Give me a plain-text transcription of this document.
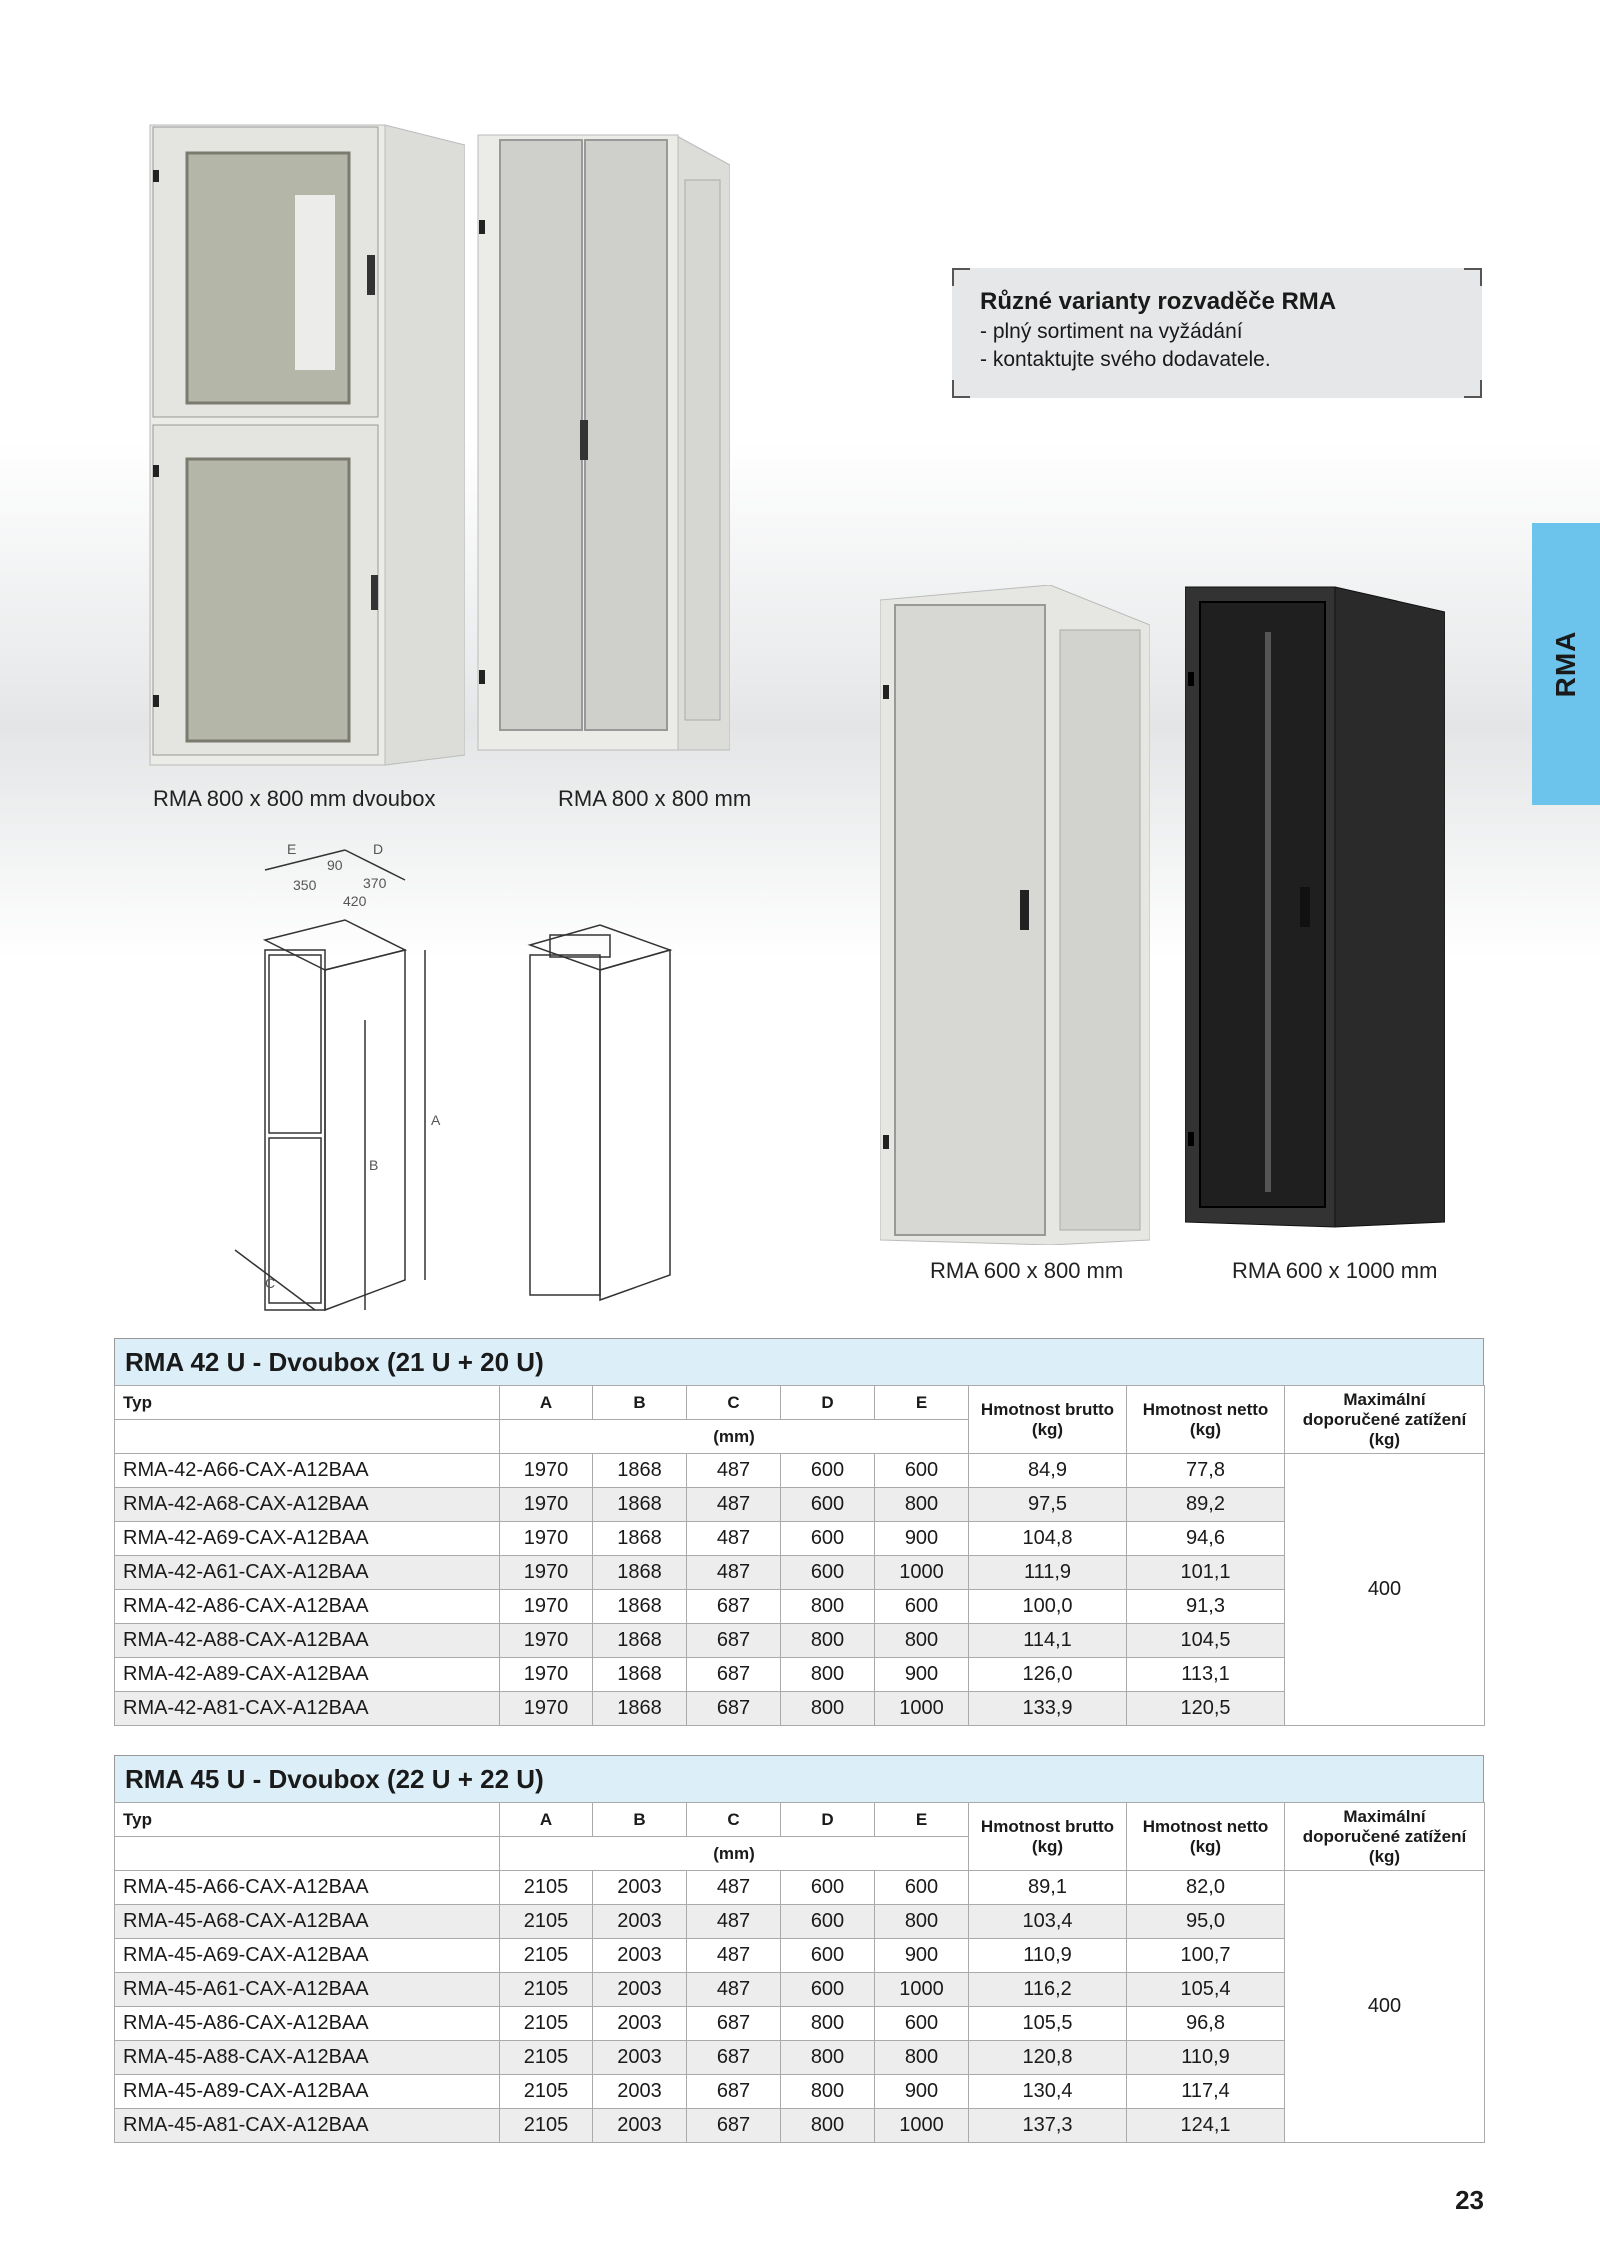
E	D
90
350	370
420
A
B
C
RMA 800 x 800 mm dvoubox	RMA 800 x 800 mm
RMA 600 x 800 mm	RMA 600 x 1000 mm
Různé varianty rozvaděče RMA
- plný sortiment na vyžádání
- kontaktujte svého dodavatele.
RMA
RMA 42 U - Dvoubox (21 U + 20 U)
Typ	A	B	C	D	E	Hmotnost brutto (kg)	Hmotnost netto (kg)	Maximální doporučené zatížení (kg)
	(mm)							
RMA-42-A66-CAX-A12BAA	1970	1868	487	600	600	84,9	77,8	400
RMA-42-A68-CAX-A12BAA	1970	1868	487	600	800	97,5	89,2	
RMA-42-A69-CAX-A12BAA	1970	1868	487	600	900	104,8	94,6	
RMA-42-A61-CAX-A12BAA	1970	1868	487	600	1000	111,9	101,1	
RMA-42-A86-CAX-A12BAA	1970	1868	687	800	600	100,0	91,3	
RMA-42-A88-CAX-A12BAA	1970	1868	687	800	800	114,1	104,5	
RMA-42-A89-CAX-A12BAA	1970	1868	687	800	900	126,0	113,1	
RMA-42-A81-CAX-A12BAA	1970	1868	687	800	1000	133,9	120,5	
RMA 45 U - Dvoubox (22 U + 22 U)
Typ	A	B	C	D	E	Hmotnost brutto (kg)	Hmotnost netto (kg)	Maximální doporučené zatížení (kg)
	(mm)							
RMA-45-A66-CAX-A12BAA	2105	2003	487	600	600	89,1	82,0	400
RMA-45-A68-CAX-A12BAA	2105	2003	487	600	800	103,4	95,0	
RMA-45-A69-CAX-A12BAA	2105	2003	487	600	900	110,9	100,7	
RMA-45-A61-CAX-A12BAA	2105	2003	487	600	1000	116,2	105,4	
RMA-45-A86-CAX-A12BAA	2105	2003	687	800	600	105,5	96,8	
RMA-45-A88-CAX-A12BAA	2105	2003	687	800	800	120,8	110,9	
RMA-45-A89-CAX-A12BAA	2105	2003	687	800	900	130,4	117,4	
RMA-45-A81-CAX-A12BAA	2105	2003	687	800	1000	137,3	124,1	
23
